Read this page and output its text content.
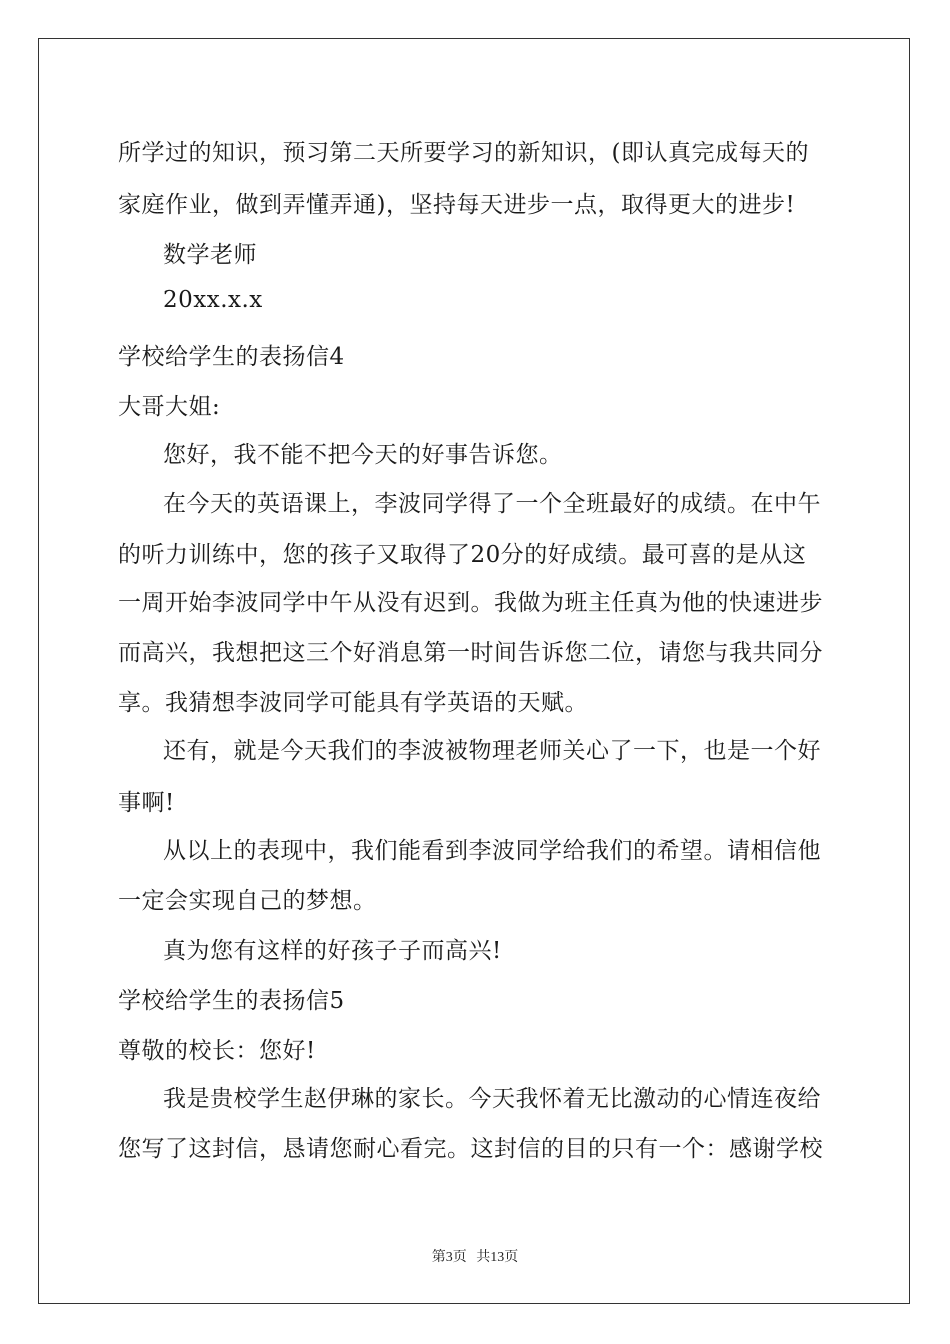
所学过的知识，预习第二天所要学习的新知识，(即认真完成每天的

家庭作业，做到弄懂弄通)，坚持每天进步一点，取得更大的进步!

数学老师

20xx.x.x

学校给学生的表扬信4

大哥大姐:

您好，我不能不把今天的好事告诉您。

在今天的英语课上，李波同学得了一个全班最好的成绩。在中午

的听力训练中，您的孩子又取得了20分的好成绩。最可喜的是从这

一周开始李波同学中午从没有迟到。我做为班主任真为他的快速进步

而高兴，我想把这三个好消息第一时间告诉您二位，请您与我共同分

享。我猜想李波同学可能具有学英语的天赋。

还有，就是今天我们的李波被物理老师关心了一下，也是一个好

事啊!

从以上的表现中，我们能看到李波同学给我们的希望。请相信他

一定会实现自己的梦想。

真为您有这样的好孩子子而高兴!

学校给学生的表扬信5

尊敬的校长：您好!

我是贵校学生赵伊琳的家长。今天我怀着无比激动的心情连夜给

您写了这封信，恳请您耐心看完。这封信的目的只有一个：感谢学校

第3页 共13页
